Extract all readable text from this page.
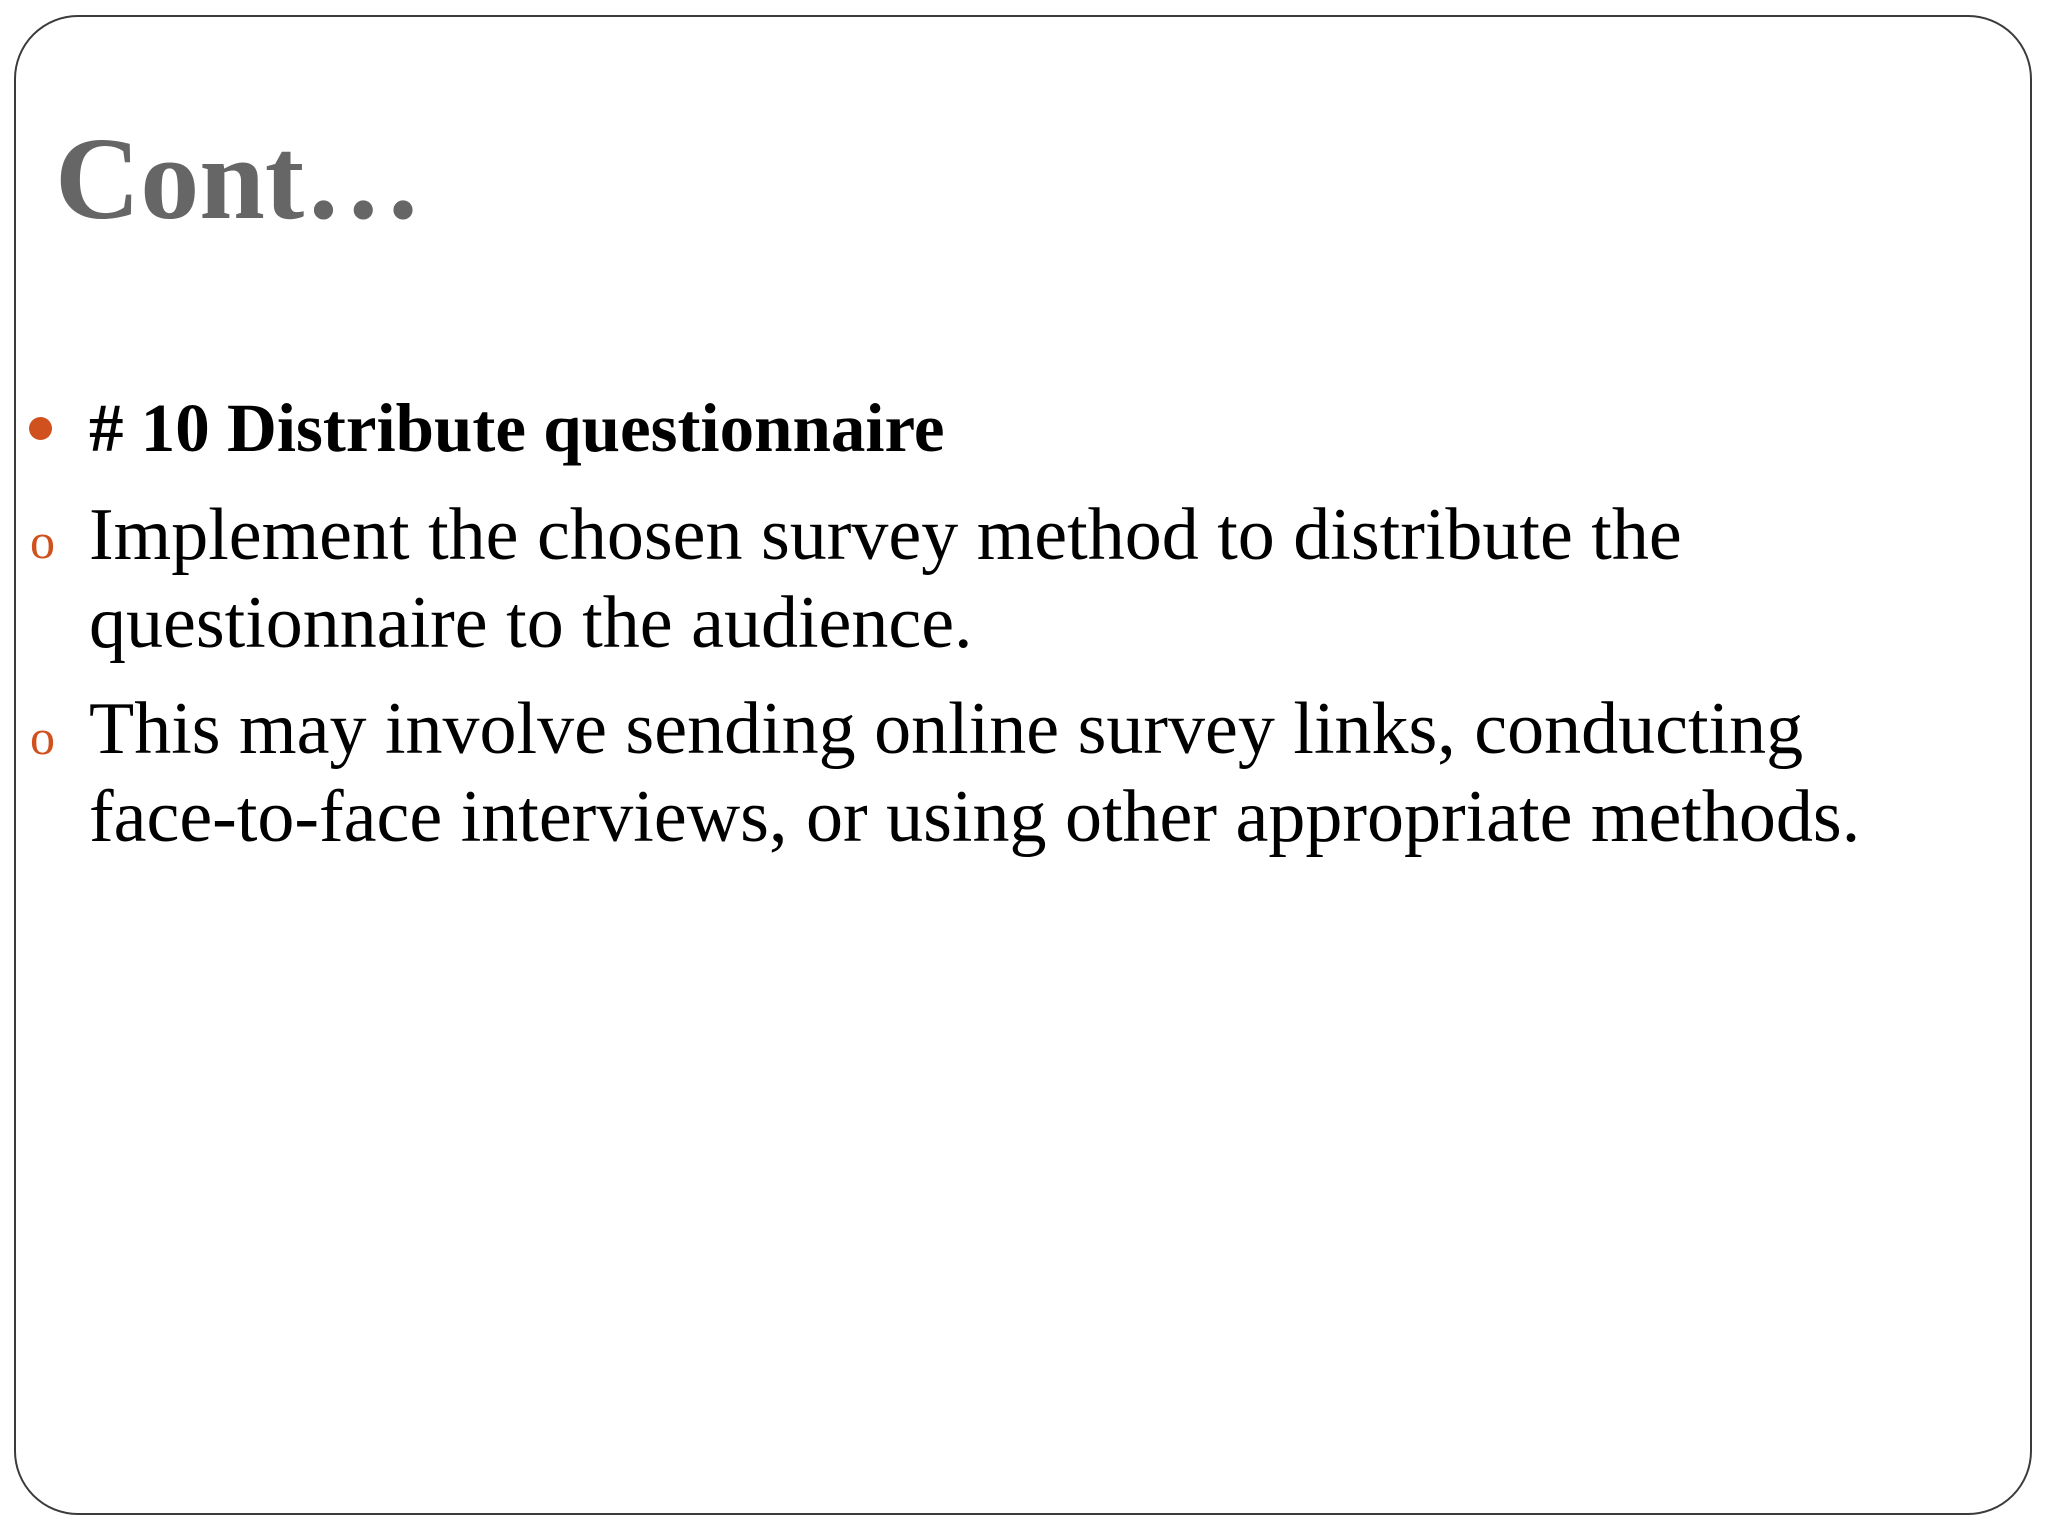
Cont…

# 10 Distribute questionnaire

o Implement the chosen survey method to distribute the
questionnaire to the audience.

o This may involve sending online survey links, conducting
face-to-face interviews, or using other appropriate methods.
